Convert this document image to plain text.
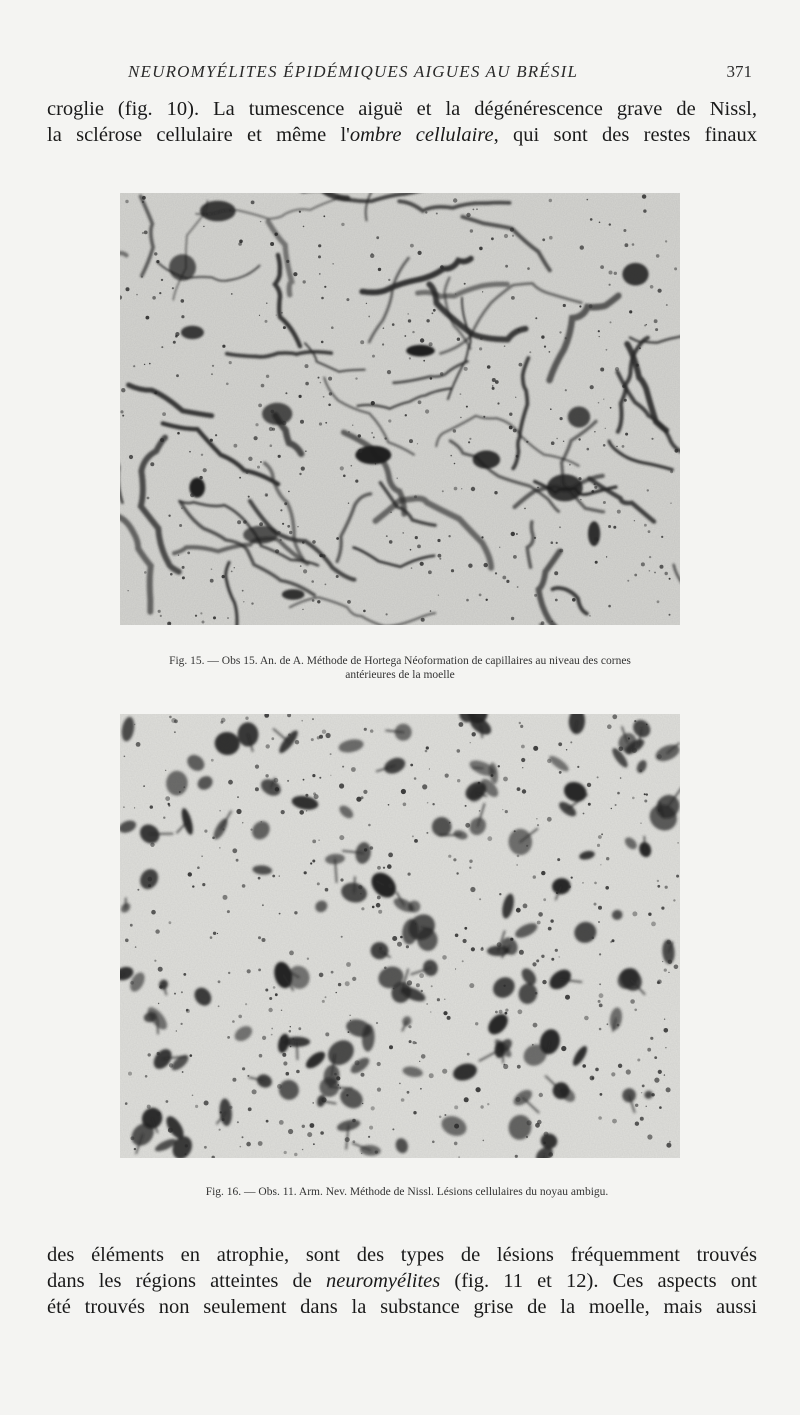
NEUROMYÉLITES ÉPIDÉMIQUES AIGUES AU BRÉSIL	371
croglie (fig. 10). La tumescence aiguë et la dégénérescence grave de Nissl,
la sclérose cellulaire et même l'ombre cellulaire, qui sont des restes finaux
Fig. 15. — Obs 15. An. de A. Méthode de Hortega Néoformation de capillaires au niveau des cornes
antérieures de la moelle
Fig. 16. — Obs. 11. Arm. Nev. Méthode de Nissl. Lésions cellulaires du noyau ambigu.
des éléments en atrophie, sont des types de lésions fréquemment trouvés
dans les régions atteintes de neuromyélites (fig. 11 et 12). Ces aspects ont
été trouvés non seulement dans la substance grise de la moelle, mais aussi
